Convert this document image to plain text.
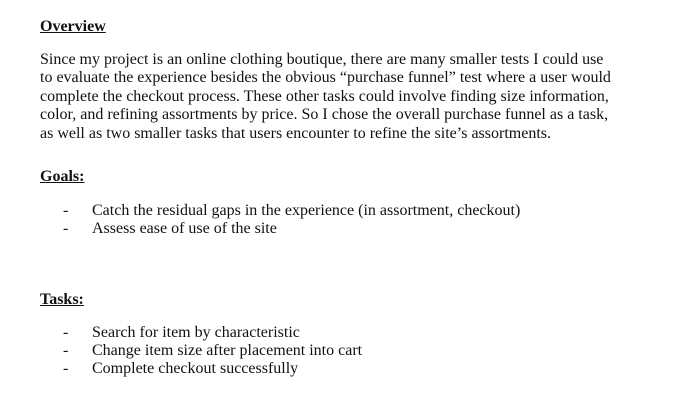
Overview

Since my project is an online clothing boutique, there are many smaller tests I could use
to evaluate the experience besides the obvious “purchase funnel” test where a user would
complete the checkout process. These other tasks could involve finding size information,
color, and refining assortments by price. So I chose the overall purchase funnel as a task,
as well as two smaller tasks that users encounter to refine the site’s assortments.

Goals:
- Catch the residual gaps in the experience (in assortment, checkout)
- Assess ease of use of the site
Tasks:
- Search for item by characteristic
- Change item size after placement into cart
- Complete checkout successfully
